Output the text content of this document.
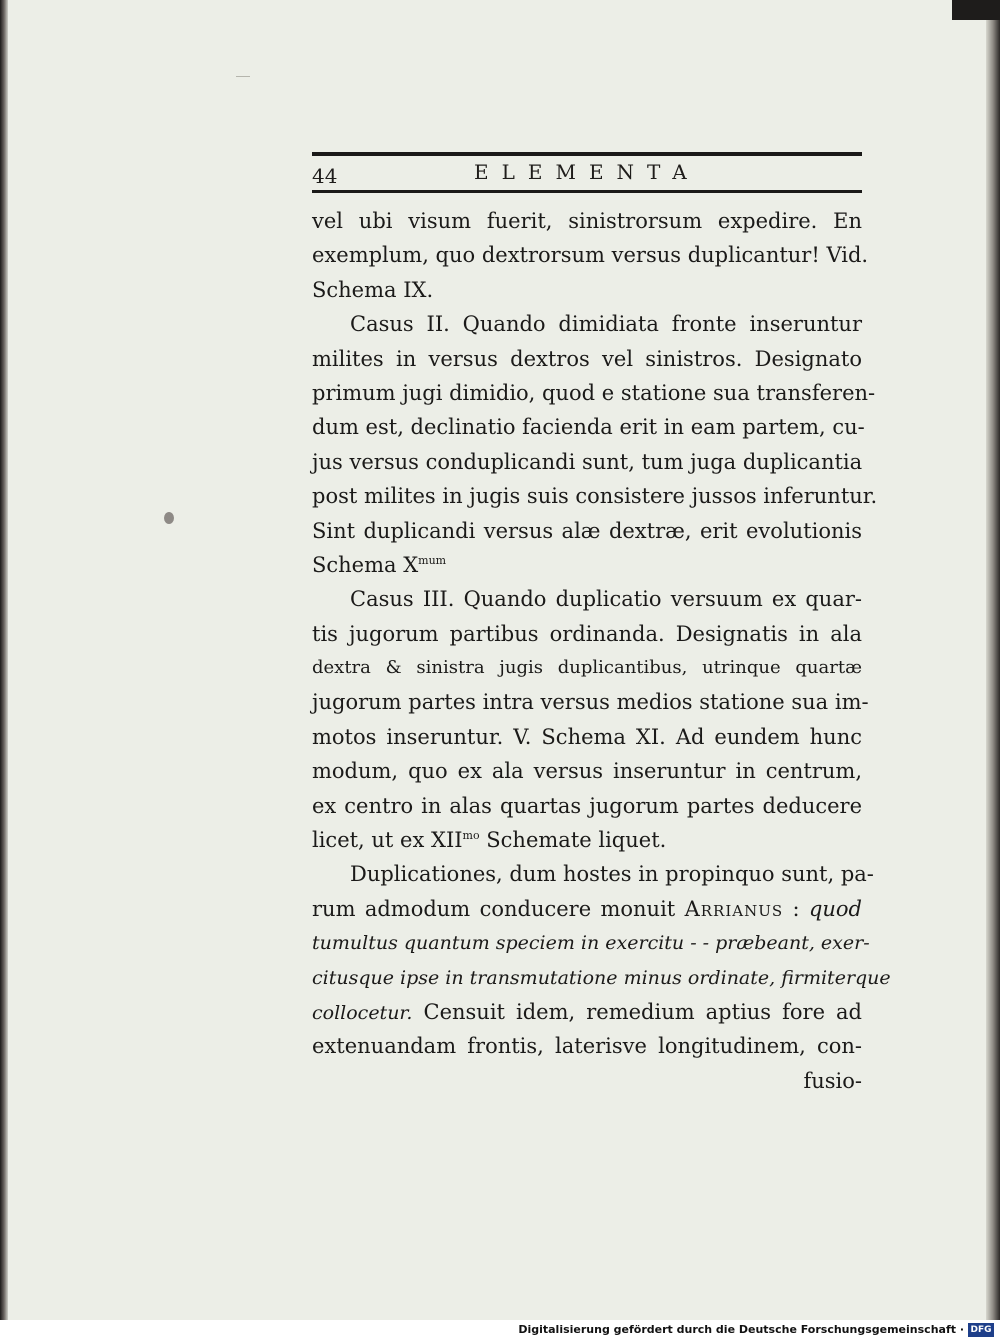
44	ELEMENTA
vel ubi visum fuerit, sinistrorsum expedire. En
exemplum, quo dextrorsum versus duplicantur! Vid.
Schema IX.
Casus II. Quando dimidiata fronte inseruntur
milites in versus dextros vel sinistros. Designato
primum jugi dimidio, quod e statione sua transferen-
dum est, declinatio facienda erit in eam partem, cu-
jus versus conduplicandi sunt, tum juga duplicantia
post milites in jugis suis consistere jussos inferuntur.
Sint duplicandi versus alæ dextræ, erit evolutionis
Schema $X^{mum}$
Casus III. Quando duplicatio versuum ex quar-
tis jugorum partibus ordinanda. Designatis in ala
dextra & sinistra jugis duplicantibus, utrinque quartæ
jugorum partes intra versus medios statione sua im-
motos inseruntur. V. Schema XI. Ad eundem hunc
modum, quo ex ala versus inseruntur in centrum,
ex centro in alas quartas jugorum partes deducere
licet, ut ex $XII^{mo}$ Schemate liquet.
Duplicationes, dum hostes in propinquo sunt, pa-
rum admodum conducere monuit Arrianus : quod
tumultus quantum speciem in exercitu - - præbeant, exer-
citusque ipse in transmutatione minus ordinate, firmiterque
collocetur. Censuit idem, remedium aptius fore ad
extenuandam frontis, laterisve longitudinem, con-
fusio-
Digitalisierung gefördert durch die Deutsche Forschungsgemeinschaft · DFG
